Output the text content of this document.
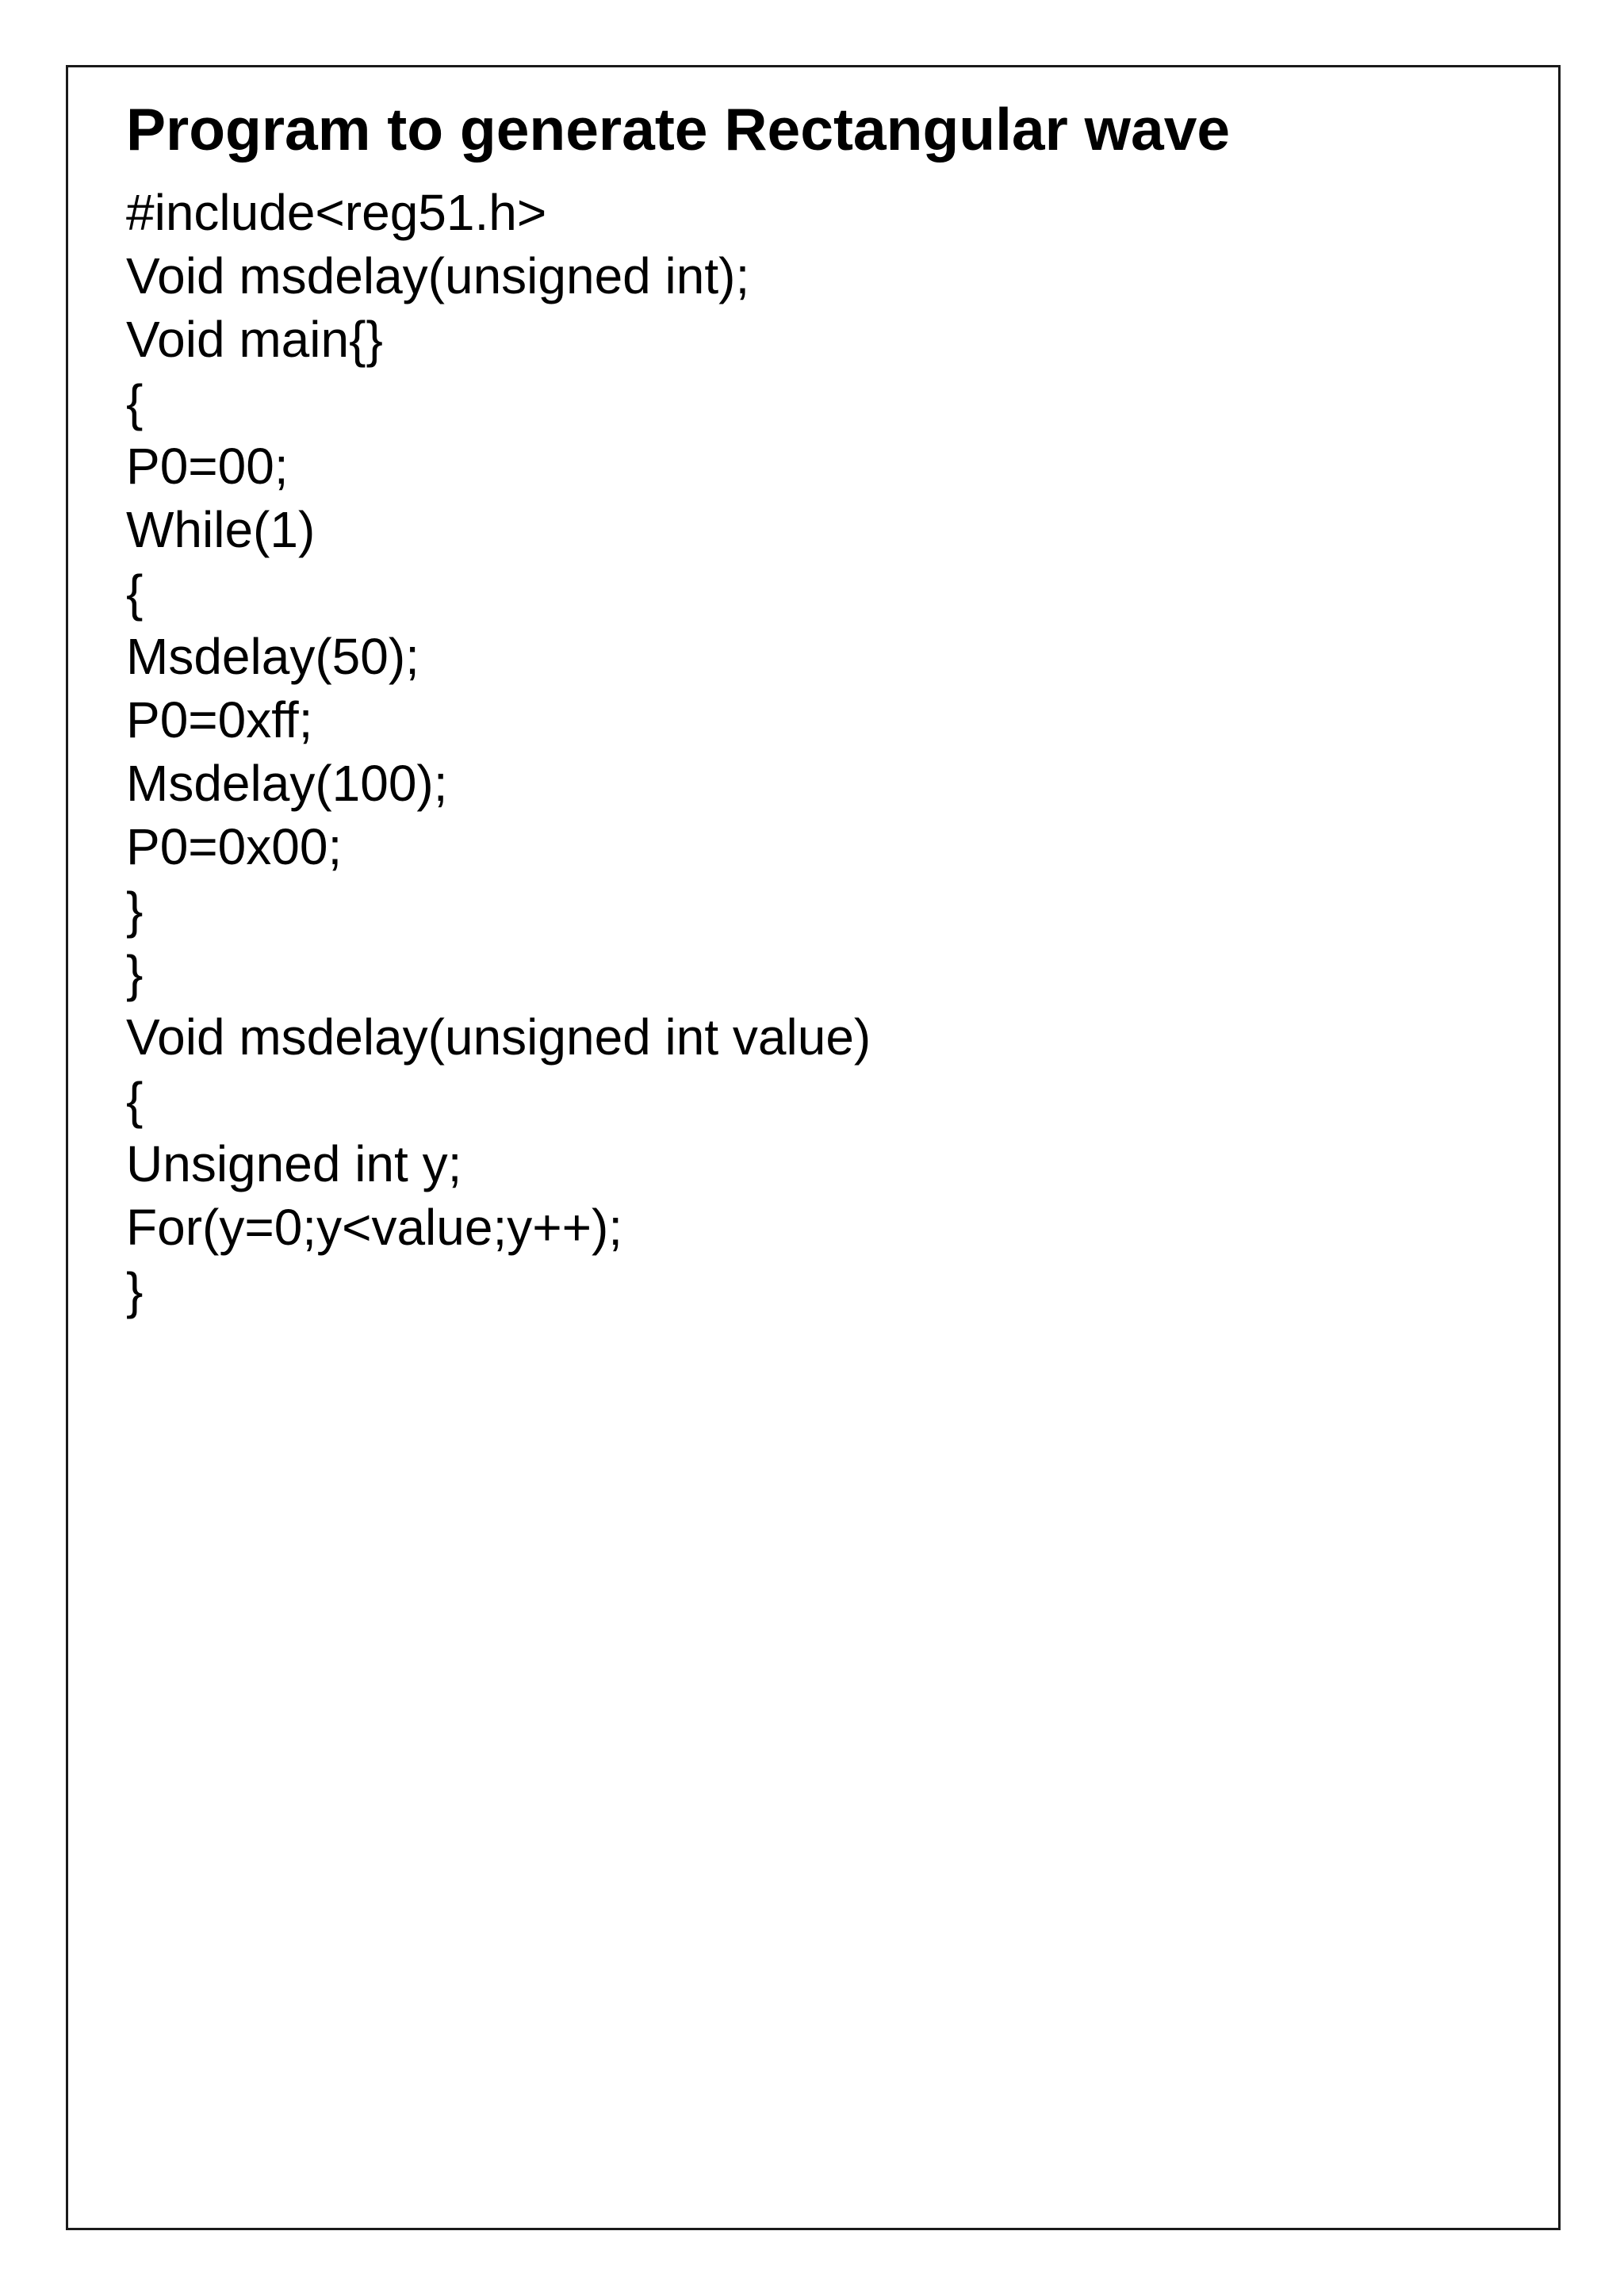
Program to generate Rectangular wave
#include<reg51.h>
Void msdelay(unsigned int);
Void main{}
{
P0=00;
While(1)
{
Msdelay(50);
P0=0xff;
Msdelay(100);
P0=0x00;
}
}
Void msdelay(unsigned int value)
{
Unsigned int y;
For(y=0;y<value;y++);
}
